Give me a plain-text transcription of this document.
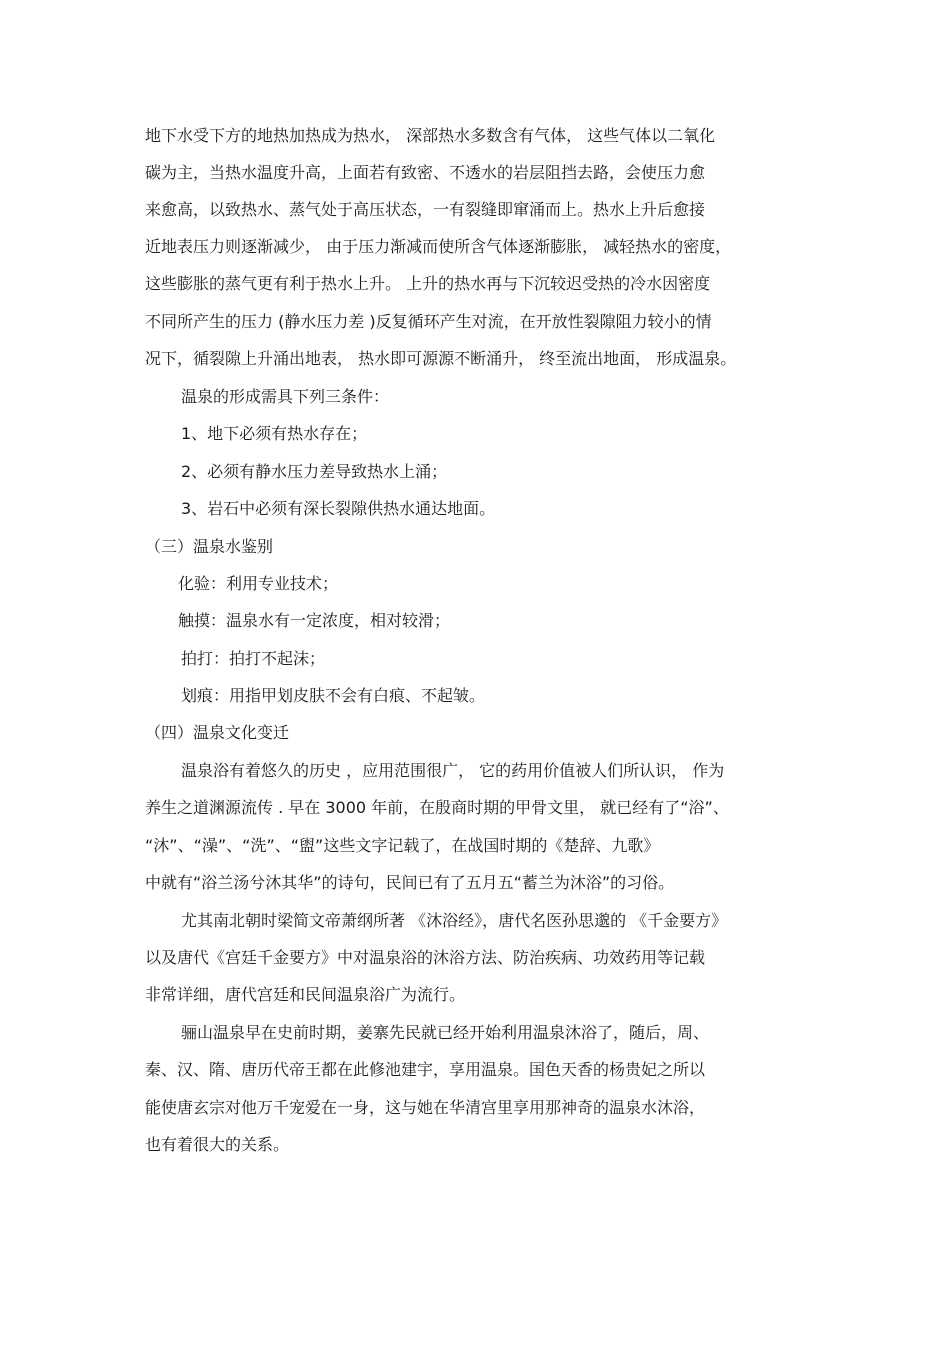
地下水受下方的地热加热成为热水， 深部热水多数含有气体， 这些气体以二氧化
碳为主，当热水温度升高，上面若有致密、不透水的岩层阻挡去路，会使压力愈
来愈高，以致热水、蒸气处于高压状态，一有裂缝即窜涌而上。热水上升后愈接
近地表压力则逐渐减少， 由于压力渐减而使所含气体逐渐膨胀， 减轻热水的密度，
这些膨胀的蒸气更有利于热水上升。 上升的热水再与下沉较迟受热的冷水因密度
不同所产生的压力 (静水压力差 )反复循环产生对流，在开放性裂隙阻力较小的情
况下，循裂隙上升涌出地表， 热水即可源源不断涌升， 终至流出地面， 形成温泉。
温泉的形成需具下列三条件：
1、地下必须有热水存在；
2、必须有静水压力差导致热水上涌；
3、岩石中必须有深长裂隙供热水通达地面。
（三）温泉水鉴别
化验：利用专业技术；
触摸：温泉水有一定浓度，相对较滑；
拍打：拍打不起沫；
划痕：用指甲划皮肤不会有白痕、不起皱。
（四）温泉文化变迁
温泉浴有着悠久的历史 ，应用范围很广， 它的药用价值被人们所认识， 作为
养生之道渊源流传 . 早在 3000 年前，在殷商时期的甲骨文里， 就已经有了“浴”、
“沐”、“澡”、“洗”、“盥”这些文字记载了，在战国时期的《楚辞、九歌》
中就有“浴兰汤兮沐其华”的诗句，民间已有了五月五“蓄兰为沐浴”的习俗。
尤其南北朝时梁简文帝萧纲所著 《沐浴经》，唐代名医孙思邈的 《千金要方》
以及唐代《宫廷千金要方》中对温泉浴的沐浴方法、防治疾病、功效药用等记载
非常详细，唐代宫廷和民间温泉浴广为流行。
骊山温泉早在史前时期，姜寨先民就已经开始利用温泉沐浴了，随后，周、
秦、汉、隋、唐历代帝王都在此修池建宇，享用温泉。国色天香的杨贵妃之所以
能使唐玄宗对他万千宠爱在一身，这与她在华清宫里享用那神奇的温泉水沐浴，
也有着很大的关系。
